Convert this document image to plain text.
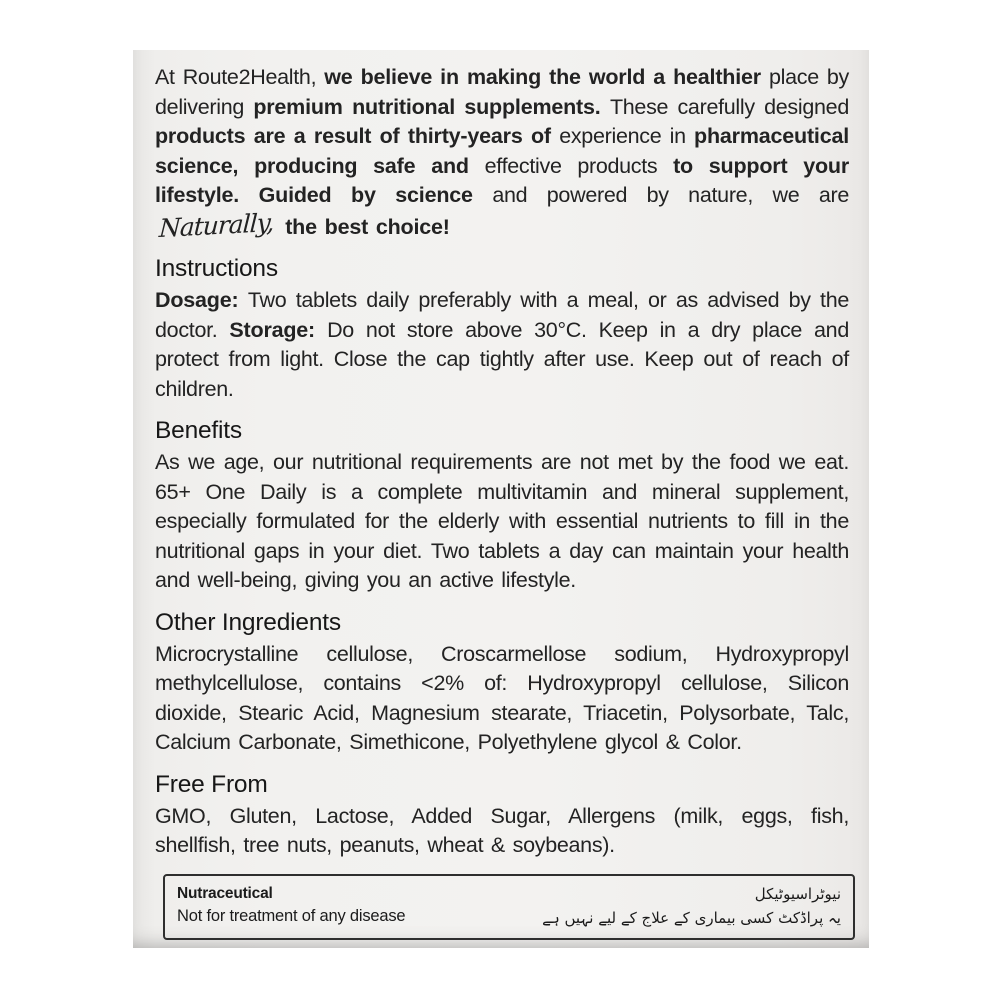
At Route2Health, we believe in making the world a healthier place by delivering premium nutritional supplements. These carefully designed products are a result of thirty-years of experience in pharmaceutical science, producing safe and effective products to support your lifestyle. Guided by science and powered by nature, we are Naturally, the best choice!

Instructions

Dosage: Two tablets daily preferably with a meal, or as advised by the doctor. Storage: Do not store above 30°C. Keep in a dry place and protect from light. Close the cap tightly after use. Keep out of reach of children.

Benefits

As we age, our nutritional requirements are not met by the food we eat. 65+ One Daily is a complete multivitamin and mineral supplement, especially formulated for the elderly with essential nutrients to fill in the nutritional gaps in your diet. Two tablets a day can maintain your health and well-being, giving you an active lifestyle.

Other Ingredients

Microcrystalline cellulose, Croscarmellose sodium, Hydroxypropyl methylcellulose, contains <2% of: Hydroxypropyl cellulose, Silicon dioxide, Stearic Acid, Magnesium stearate, Triacetin, Polysorbate, Talc, Calcium Carbonate, Simethicone, Polyethylene glycol & Color.

Free From

GMO, Gluten, Lactose, Added Sugar, Allergens (milk, eggs, fish, shellfish, tree nuts, peanuts, wheat & soybeans).

Nutraceutical
Not for treatment of any disease
نیوٹراسیوٹیکل
یہ پراڈکٹ کسی بیماری کے علاج کے لیے نہیں ہے
